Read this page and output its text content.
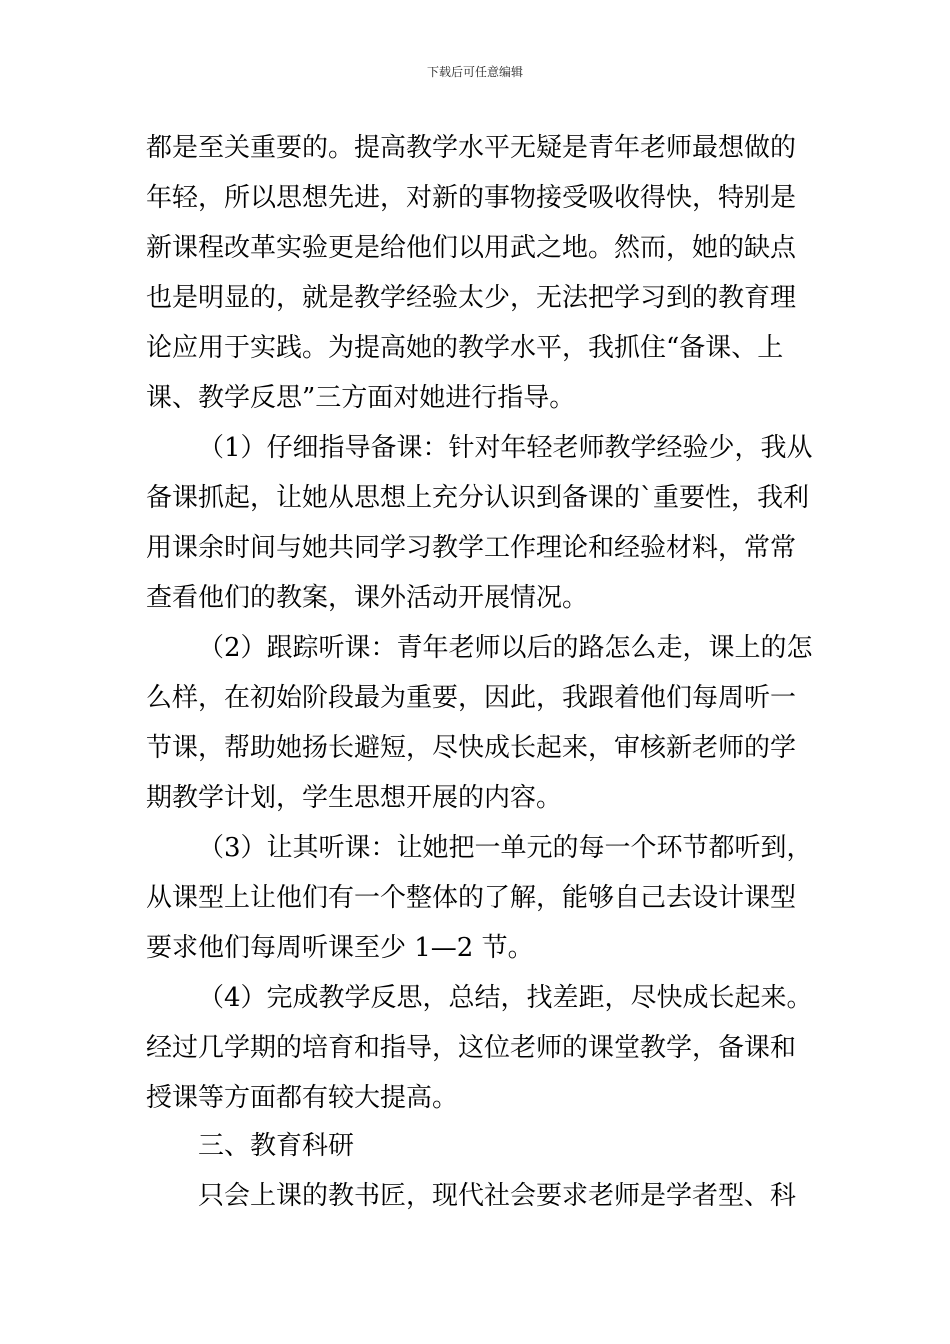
下载后可任意编辑
都是至关重要的。提高教学水平无疑是青年老师最想做的
年轻，所以思想先进，对新的事物接受吸收得快，特别是
新课程改革实验更是给他们以用武之地。然而，她的缺点
也是明显的，就是教学经验太少，无法把学习到的教育理
论应用于实践。为提高她的教学水平，我抓住“备课、上
课、教学反思”三方面对她进行指导。
（1）仔细指导备课：针对年轻老师教学经验少，我从
备课抓起，让她从思想上充分认识到备课的`重要性，我利
用课余时间与她共同学习教学工作理论和经验材料，常常
查看他们的教案，课外活动开展情况。
（2）跟踪听课：青年老师以后的路怎么走，课上的怎
么样，在初始阶段最为重要，因此，我跟着他们每周听一
节课，帮助她扬长避短，尽快成长起来，审核新老师的学
期教学计划，学生思想开展的内容。
（3）让其听课：让她把一单元的每一个环节都听到，
从课型上让他们有一个整体的了解，能够自己去设计课型
要求他们每周听课至少 1—2 节。
（4）完成教学反思，总结，找差距，尽快成长起来。
经过几学期的培育和指导，这位老师的课堂教学，备课和
授课等方面都有较大提高。
三、教育科研
只会上课的教书匠，现代社会要求老师是学者型、科
